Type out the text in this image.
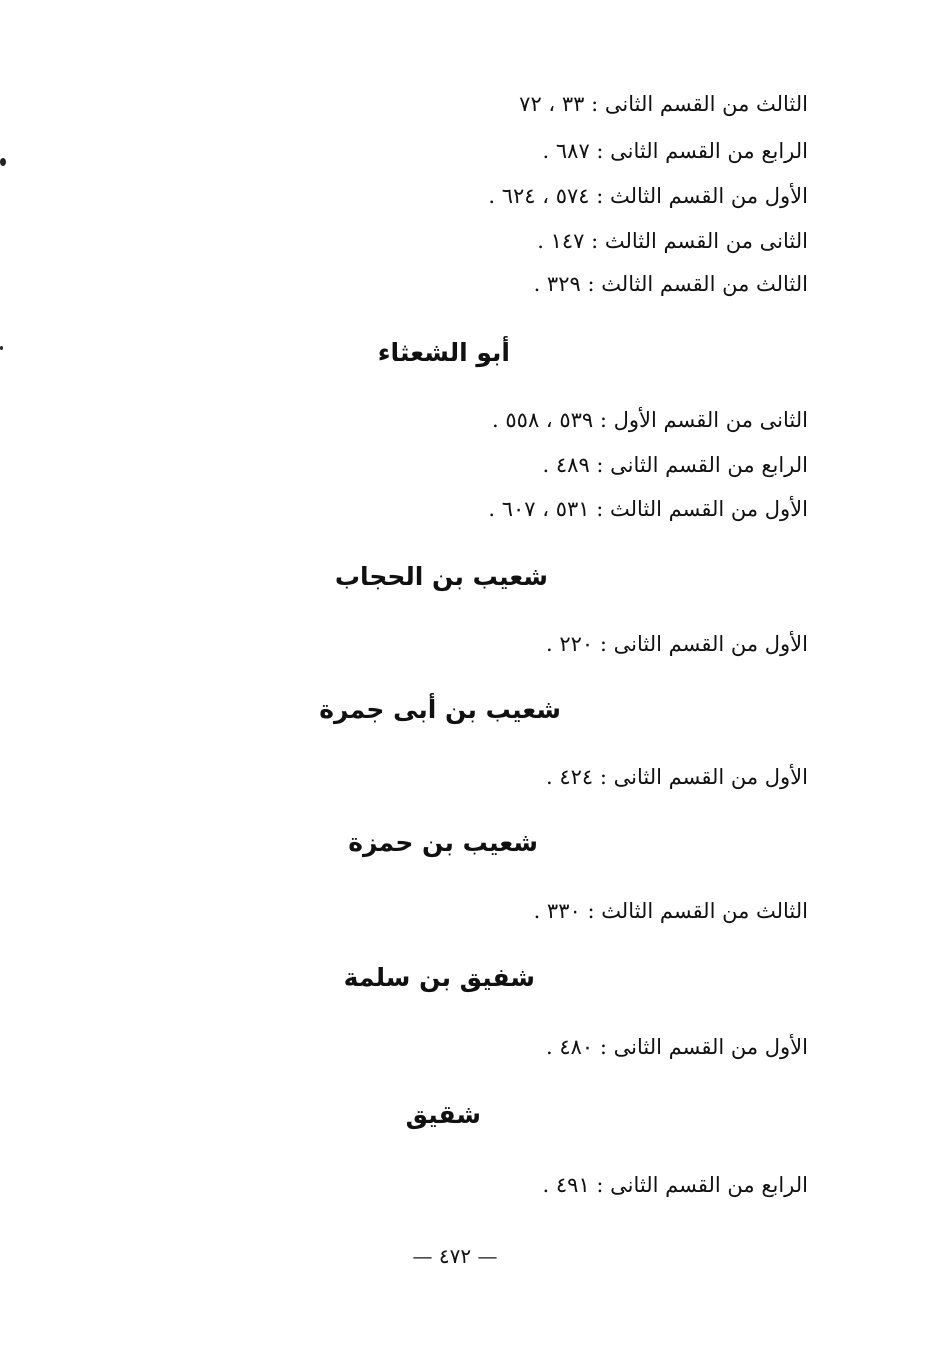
الثالث من القسم الثانى : ٣٣ ، ٧٢
الرابع من القسم الثانى : ٦٨٧ .
الأول من القسم الثالث : ٥٧٤ ، ٦٢٤ .
الثانى من القسم الثالث : ١٤٧ .
الثالث من القسم الثالث : ٣٢٩ .
أبو الشعثاء
الثانى من القسم الأول : ٥٣٩ ، ٥٥٨ .
الرابع من القسم الثانى : ٤٨٩ .
الأول من القسم الثالث : ٥٣١ ، ٦٠٧ .
شعيب بن الحجاب
الأول من القسم الثانى : ٢٢٠ .
شعيب بن أبى جمرة
الأول من القسم الثانى : ٤٢٤ .
شعيب بن حمزة
الثالث من القسم الثالث : ٣٣٠ .
شفيق بن سلمة
الأول من القسم الثانى : ٤٨٠ .
شقيق
الرابع من القسم الثانى : ٤٩١ .
— ٤٧٢ —
